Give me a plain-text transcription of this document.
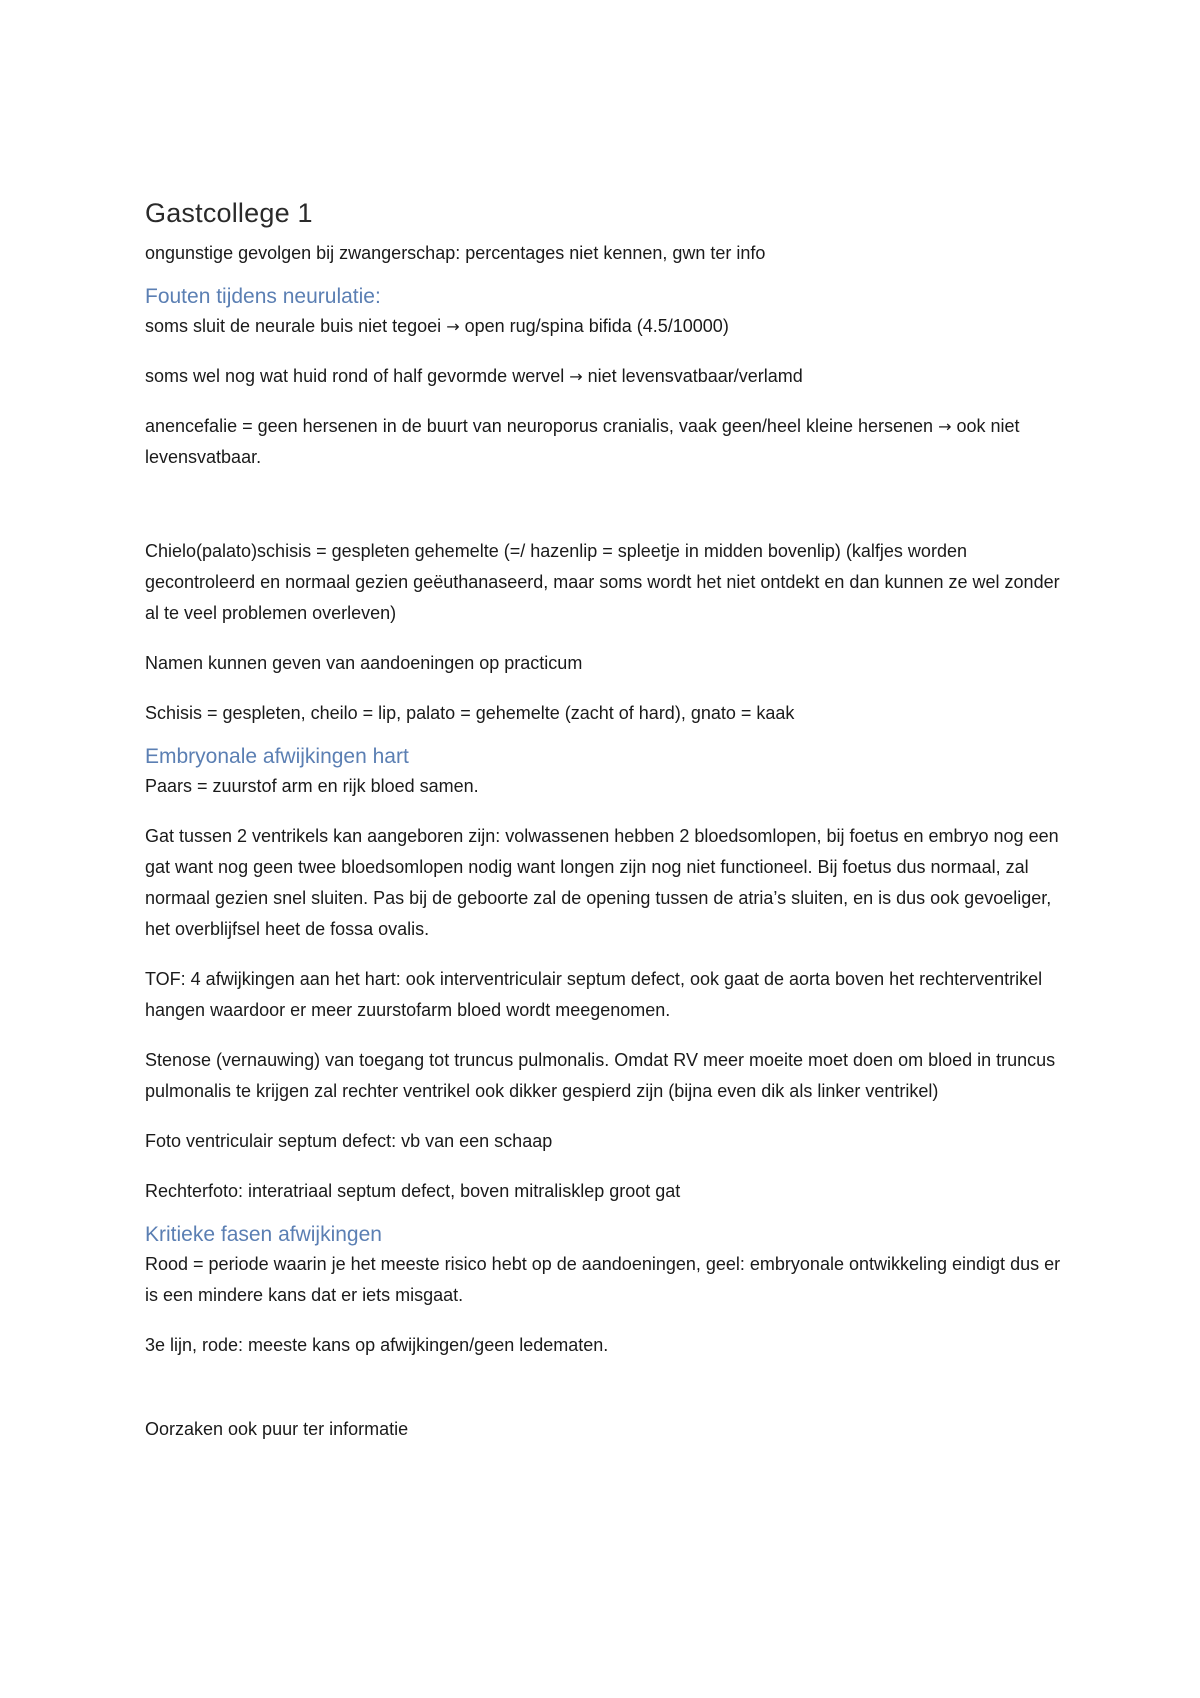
Gastcollege 1

ongunstige gevolgen bij zwangerschap: percentages niet kennen, gwn ter info

Fouten tijdens neurulatie:

soms sluit de neurale buis niet tegoei → open rug/spina bifida (4.5/10000)

soms wel nog wat huid rond of half gevormde wervel → niet levensvatbaar/verlamd

anencefalie = geen hersenen in de buurt van neuroporus cranialis, vaak geen/heel kleine hersenen → ook niet levensvatbaar.

Chielo(palato)schisis = gespleten gehemelte (=/ hazenlip = spleetje in midden bovenlip) (kalfjes worden gecontroleerd en normaal gezien geëuthanaseerd, maar soms wordt het niet ontdekt en dan kunnen ze wel zonder al te veel problemen overleven)

Namen kunnen geven van aandoeningen op practicum

Schisis = gespleten, cheilo = lip, palato = gehemelte (zacht of hard), gnato = kaak

Embryonale afwijkingen hart

Paars = zuurstof arm en rijk bloed samen.

Gat tussen 2 ventrikels kan aangeboren zijn: volwassenen hebben 2 bloedsomlopen, bij foetus en embryo nog een gat want nog geen twee bloedsomlopen nodig want longen zijn nog niet functioneel. Bij foetus dus normaal, zal normaal gezien snel sluiten. Pas bij de geboorte zal de opening tussen de atria’s sluiten, en is dus ook gevoeliger, het overblijfsel heet de fossa ovalis.

TOF: 4 afwijkingen aan het hart: ook interventriculair septum defect, ook gaat de aorta boven het rechterventrikel hangen waardoor er meer zuurstofarm bloed wordt meegenomen.

Stenose (vernauwing) van toegang tot truncus pulmonalis. Omdat RV meer moeite moet doen om bloed in truncus pulmonalis te krijgen zal rechter ventrikel ook dikker gespierd zijn (bijna even dik als linker ventrikel)

Foto ventriculair septum defect: vb van een schaap

Rechterfoto: interatriaal septum defect, boven mitralisklep groot gat

Kritieke fasen afwijkingen

Rood = periode waarin je het meeste risico hebt op de aandoeningen, geel: embryonale ontwikkeling eindigt dus er is een mindere kans dat er iets misgaat.

3e lijn, rode: meeste kans op afwijkingen/geen ledematen.

Oorzaken ook puur ter informatie
